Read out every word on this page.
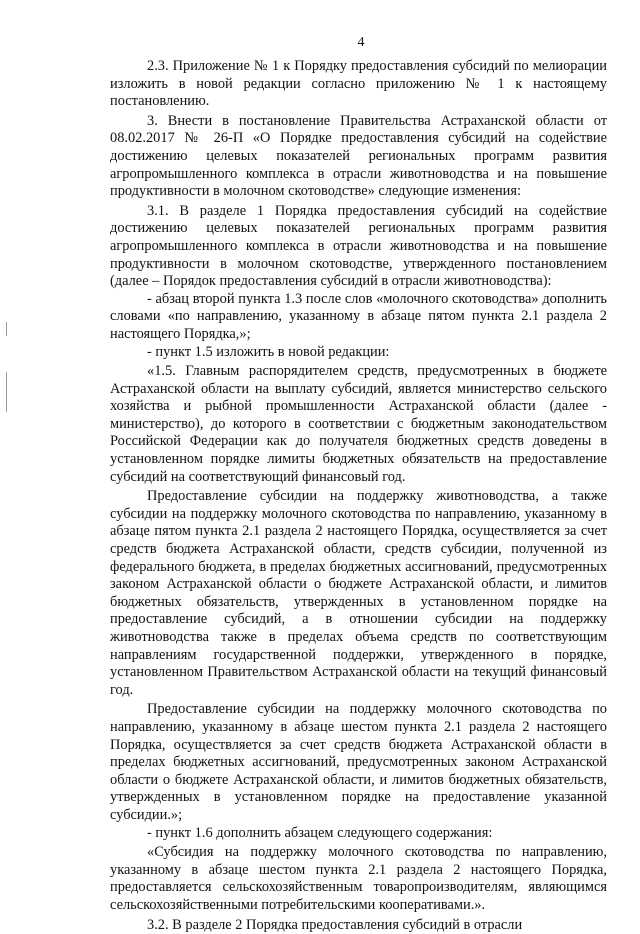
4

2.3. Приложение № 1 к Порядку предоставления субсидий по мелиорации изложить в новой редакции согласно приложению № 1 к настоящему постановлению.

3. Внести в постановление Правительства Астраханской области от 08.02.2017 № 26-П «О Порядке предоставления субсидий на содействие достижению целевых показателей региональных программ развития агропромышленного комплекса в отрасли животноводства и на повышение продуктивности в молочном скотоводстве» следующие изменения:

3.1. В разделе 1 Порядка предоставления субсидий на содействие достижению целевых показателей региональных программ развития агропромышленного комплекса в отрасли животноводства и на повышение продуктивности в молочном скотоводстве, утвержденного постановлением (далее – Порядок предоставления субсидий в отрасли животноводства):

- абзац второй пункта 1.3 после слов «молочного скотоводства» дополнить словами «по направлению, указанному в абзаце пятом пункта 2.1 раздела 2 настоящего Порядка,»;

- пункт 1.5 изложить в новой редакции:

«1.5. Главным распорядителем средств, предусмотренных в бюджете Астраханской области на выплату субсидий, является министерство сельского хозяйства и рыбной промышленности Астраханской области (далее - министерство), до которого в соответствии с бюджетным законодательством Российской Федерации как до получателя бюджетных средств доведены в установленном порядке лимиты бюджетных обязательств на предоставление субсидий на соответствующий финансовый год.

Предоставление субсидии на поддержку животноводства, а также субсидии на поддержку молочного скотоводства по направлению, указанному в абзаце пятом пункта 2.1 раздела 2 настоящего Порядка, осуществляется за счет средств бюджета Астраханской области, средств субсидии, полученной из федерального бюджета, в пределах бюджетных ассигнований, предусмотренных законом Астраханской области о бюджете Астраханской области, и лимитов бюджетных обязательств, утвержденных в установленном порядке на предоставление субсидий, а в отношении субсидии на поддержку животноводства также в пределах объема средств по соответствующим направлениям государственной поддержки, утвержденного в порядке, установленном Правительством Астраханской области на текущий финансовый год.

Предоставление субсидии на поддержку молочного скотоводства по направлению, указанному в абзаце шестом пункта 2.1 раздела 2 настоящего Порядка, осуществляется за счет средств бюджета Астраханской области в пределах бюджетных ассигнований, предусмотренных законом Астраханской области о бюджете Астраханской области, и лимитов бюджетных обязательств, утвержденных в установленном порядке на предоставление указанной субсидии.»;

- пункт 1.6 дополнить абзацем следующего содержания:

«Субсидия на поддержку молочного скотоводства по направлению, указанному в абзаце шестом пункта 2.1 раздела 2 настоящего Порядка, предоставляется сельскохозяйственным товаропроизводителям, являющимся сельскохозяйственными потребительскими кооперативами.».

3.2. В разделе 2 Порядка предоставления субсидий в отрасли
